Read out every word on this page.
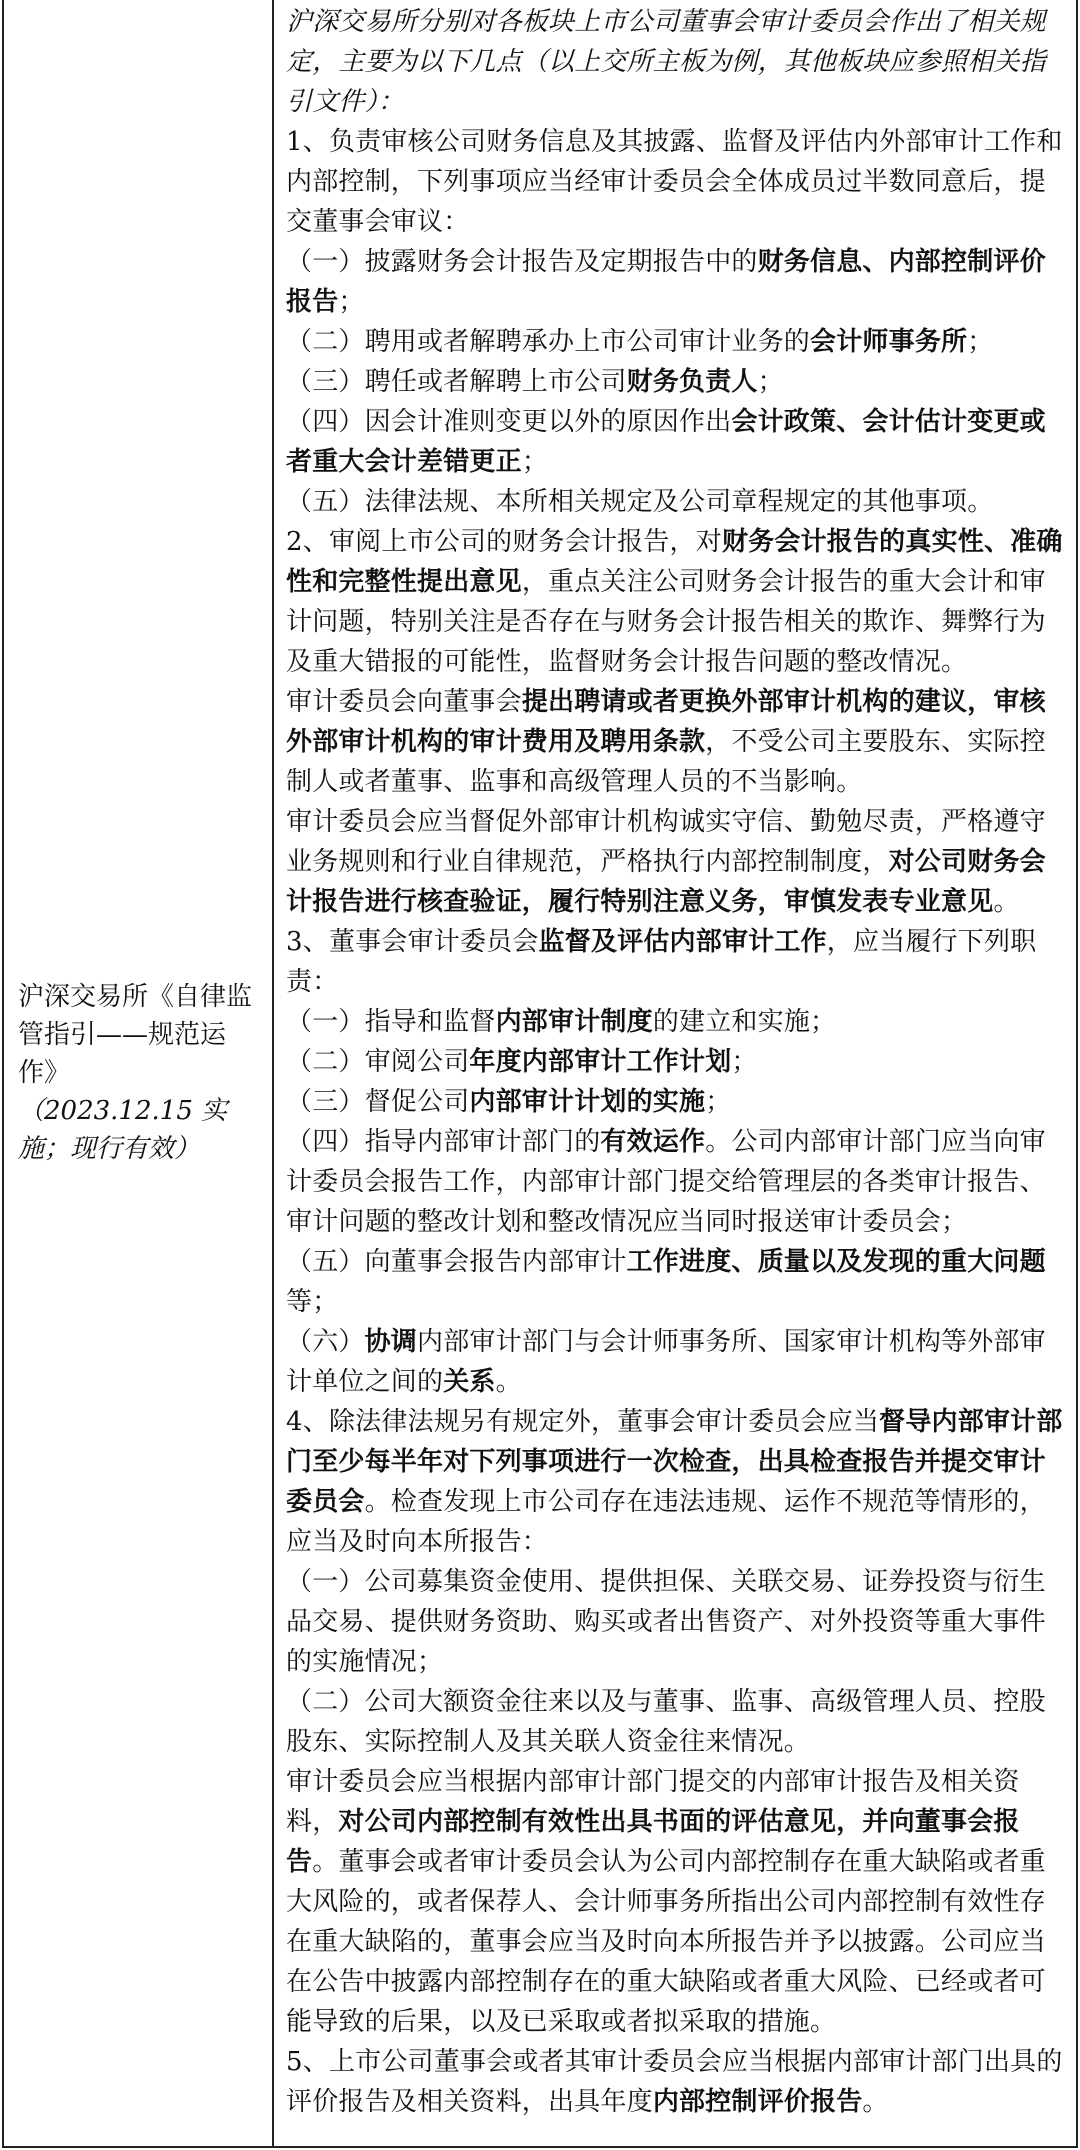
沪深交易所《自律监管指引——规范运作》
（2023.12.15 实施；现行有效）
沪深交易所分别对各板块上市公司董事会审计委员会作出了相关规定，主要为以下几点（以上交所主板为例，其他板块应参照相关指引文件）：
1、负责审核公司财务信息及其披露、监督及评估内外部审计工作和内部控制，下列事项应当经审计委员会全体成员过半数同意后，提交董事会审议：
（一）披露财务会计报告及定期报告中的财务信息、内部控制评价报告；
（二）聘用或者解聘承办上市公司审计业务的会计师事务所；
（三）聘任或者解聘上市公司财务负责人；
（四）因会计准则变更以外的原因作出会计政策、会计估计变更或者重大会计差错更正；
（五）法律法规、本所相关规定及公司章程规定的其他事项。
2、审阅上市公司的财务会计报告，对财务会计报告的真实性、准确性和完整性提出意见，重点关注公司财务会计报告的重大会计和审计问题，特别关注是否存在与财务会计报告相关的欺诈、舞弊行为及重大错报的可能性，监督财务会计报告问题的整改情况。
审计委员会向董事会提出聘请或者更换外部审计机构的建议，审核外部审计机构的审计费用及聘用条款，不受公司主要股东、实际控制人或者董事、监事和高级管理人员的不当影响。
审计委员会应当督促外部审计机构诚实守信、勤勉尽责，严格遵守业务规则和行业自律规范，严格执行内部控制制度，对公司财务会计报告进行核查验证，履行特别注意义务，审慎发表专业意见。
3、董事会审计委员会监督及评估内部审计工作，应当履行下列职责：
（一）指导和监督内部审计制度的建立和实施；
（二）审阅公司年度内部审计工作计划；
（三）督促公司内部审计计划的实施；
（四）指导内部审计部门的有效运作。公司内部审计部门应当向审计委员会报告工作，内部审计部门提交给管理层的各类审计报告、审计问题的整改计划和整改情况应当同时报送审计委员会；
（五）向董事会报告内部审计工作进度、质量以及发现的重大问题等；
（六）协调内部审计部门与会计师事务所、国家审计机构等外部审计单位之间的关系。
4、除法律法规另有规定外，董事会审计委员会应当督导内部审计部门至少每半年对下列事项进行一次检查，出具检查报告并提交审计委员会。检查发现上市公司存在违法违规、运作不规范等情形的，应当及时向本所报告：
（一）公司募集资金使用、提供担保、关联交易、证券投资与衍生品交易、提供财务资助、购买或者出售资产、对外投资等重大事件的实施情况；
（二）公司大额资金往来以及与董事、监事、高级管理人员、控股股东、实际控制人及其关联人资金往来情况。
审计委员会应当根据内部审计部门提交的内部审计报告及相关资料，对公司内部控制有效性出具书面的评估意见，并向董事会报告。董事会或者审计委员会认为公司内部控制存在重大缺陷或者重大风险的，或者保荐人、会计师事务所指出公司内部控制有效性存在重大缺陷的，董事会应当及时向本所报告并予以披露。公司应当在公告中披露内部控制存在的重大缺陷或者重大风险、已经或者可能导致的后果，以及已采取或者拟采取的措施。
5、上市公司董事会或者其审计委员会应当根据内部审计部门出具的评价报告及相关资料，出具年度内部控制评价报告。
